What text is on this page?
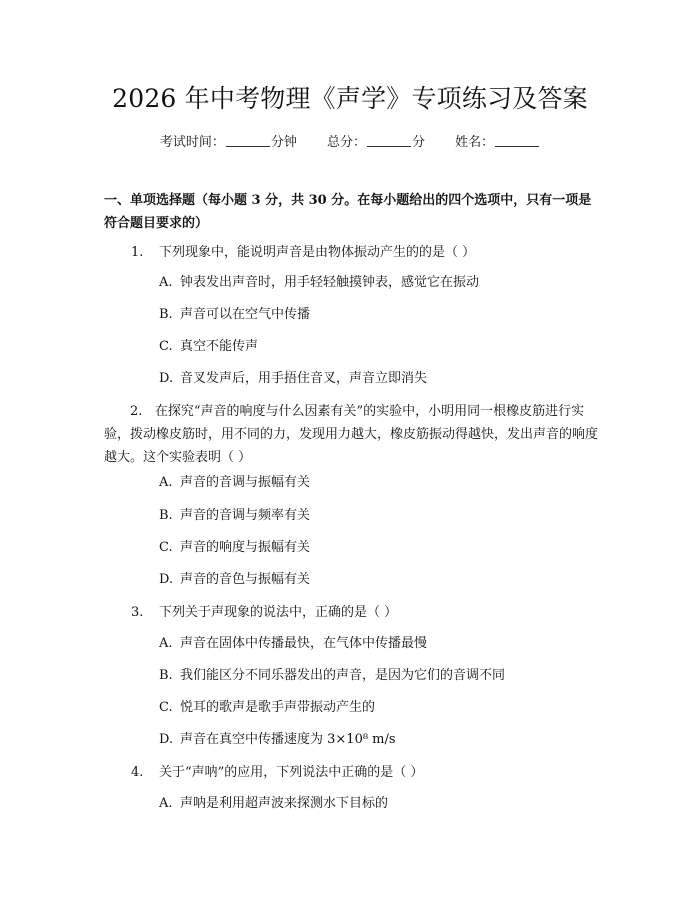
2026 年中考物理《声学》专项练习及答案
考试时间：	分钟 总分：	分 姓名：
一、单项选择题（每小题 3 分，共 30 分。在每小题给出的四个选项中，只有一项是符合题目要求的）
1. 下列现象中，能说明声音是由物体振动产生的的是（ ）
A. 钟表发出声音时，用手轻轻触摸钟表，感觉它在振动
B. 声音可以在空气中传播
C. 真空不能传声
D. 音叉发声后，用手捂住音叉，声音立即消失
2. 在探究“声音的响度与什么因素有关”的实验中，小明用同一根橡皮筋进行实验，拨动橡皮筋时，用不同的力，发现用力越大，橡皮筋振动得越快，发出声音的响度越大。这个实验表明（ ）
A. 声音的音调与振幅有关
B. 声音的音调与频率有关
C. 声音的响度与振幅有关
D. 声音的音色与振幅有关
3. 下列关于声现象的说法中，正确的是（ ）
A. 声音在固体中传播最快，在气体中传播最慢
B. 我们能区分不同乐器发出的声音，是因为它们的音调不同
C. 悦耳的歌声是歌手声带振动产生的
D. 声音在真空中传播速度为 3×10⁸ m/s
4. 关于“声呐”的应用，下列说法中正确的是（ ）
A. 声呐是利用超声波来探测水下目标的
